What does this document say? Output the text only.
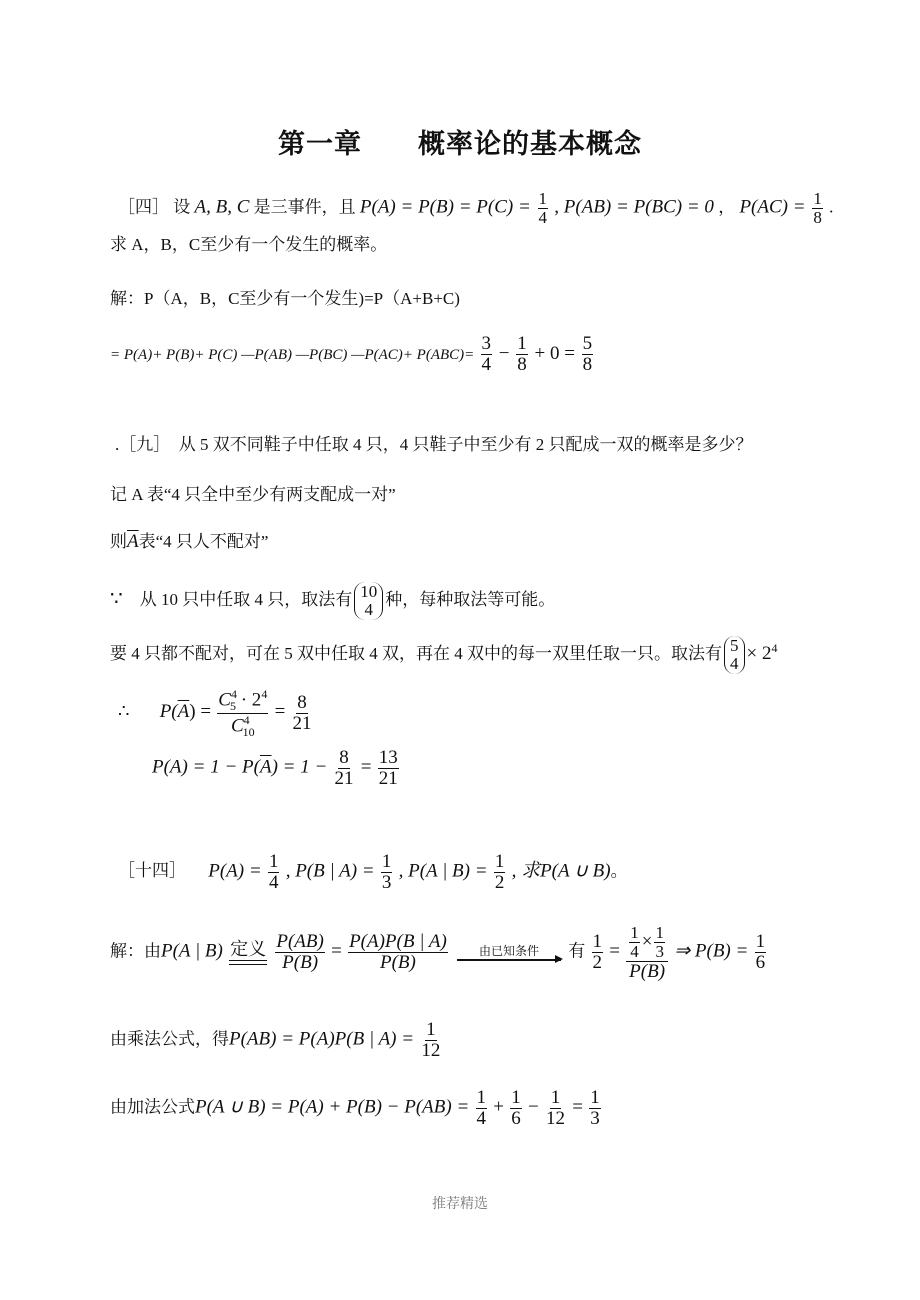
第一章　　概率论的基本概念
［四］ 设 A, B, C 是三事件，且 $P(A) = P(B) = P(C) = \frac{1}{4}$ , P(AB) = P(BC) = 0 ， $P(AC) = \frac{1}{8}$ .
求 A，B，C至少有一个发生的概率。
解：P（A，B，C至少有一个发生)=P（A+B+C)
= P(A)+ P(B)+ P(C) —P(AB) —P(BC) —P(AC)+ $P(ABC)= \frac{3}{4} - \frac{1}{8} + 0 = \frac{5}{8}$
.［九］　从 5 双不同鞋子中任取 4 只，4 只鞋子中至少有 2 只配成一双的概率是多少？
记 A 表“4 只全中至少有两支配成一对”
则$\overline{A}$表“4 只人不配对”
∵　从 10 只中任取 4 只，取法有 10
4
种，每种取法等可能。
要 4 只都不配对，可在 5 双中任取 4 双，再在 4 双中的每一双里任取一只。取法有 5
$4 \times 2^4$
∴ $P(\overline{A}) = \frac{C^4_5 \cdot 2^4}{C^4_{10}} = \frac{8}{21}$
$P(A) = 1 - P(\overline{A}) = 1 - \frac{8}{21} = \frac{13}{21}$
［十四］ $P(A) = \frac{1}{4}$ , P(B | $A) = \frac{1}{3}$ , P(A | $B) = \frac{1}{2}$ , 求P(A ∪ B)。
解：由P(A | B) 定义
$\frac{P(AB)}{P(B)} = \frac{P(A)P(B | A)}{P(B)}$
	由已知条件 有 $\frac{1}{2} = \frac{\frac{1}{4} \times \frac{1}{3}}{P(B)}$ ⇒ $P(B) = \frac{1}{6}$
由乘法公式，得P(AB) = P(A)P(B | $A) = \frac{1}{12}$
由加法公式P(A ∪ $B) = P(A) + P(B) - P(AB) = \frac{1}{4} + \frac{1}{6} - \frac{1}{12} = \frac{1}{3}$
推荐精选
